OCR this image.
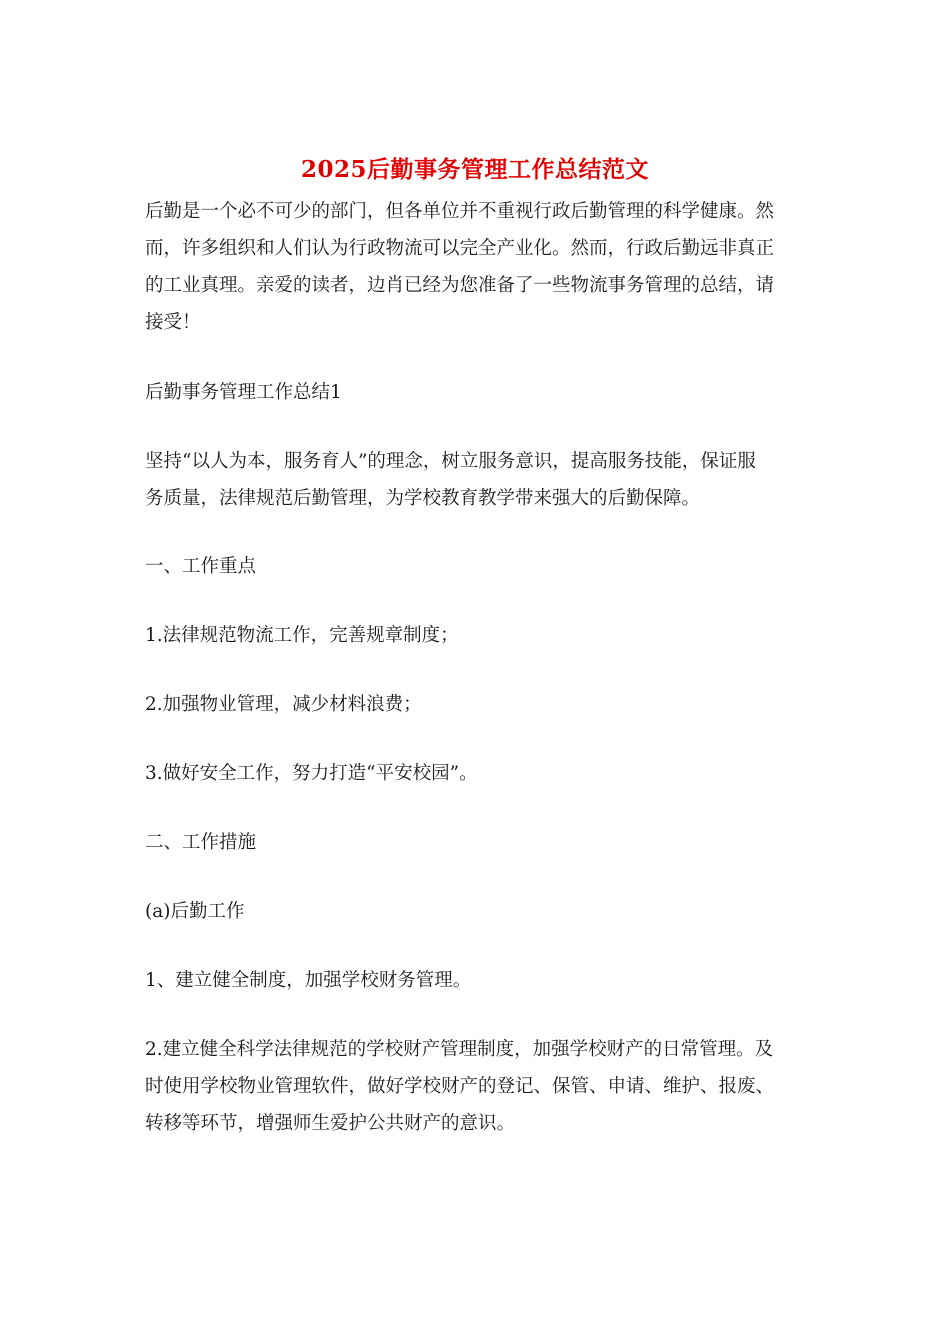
2025后勤事务管理工作总结范文

后勤是一个必不可少的部门，但各单位并不重视行政后勤管理的科学健康。然
而，许多组织和人们认为行政物流可以完全产业化。然而，行政后勤远非真正
的工业真理。亲爱的读者，边肖已经为您准备了一些物流事务管理的总结，请
接受！

后勤事务管理工作总结1

坚持“以人为本，服务育人”的理念，树立服务意识，提高服务技能，保证服
务质量，法律规范后勤管理，为学校教育教学带来强大的后勤保障。

一、工作重点

1.法律规范物流工作，完善规章制度；

2.加强物业管理，减少材料浪费；

3.做好安全工作，努力打造“平安校园”。

二、工作措施

(a)后勤工作

1、建立健全制度，加强学校财务管理。

2.建立健全科学法律规范的学校财产管理制度，加强学校财产的日常管理。及
时使用学校物业管理软件，做好学校财产的登记、保管、申请、维护、报废、
转移等环节，增强师生爱护公共财产的意识。
